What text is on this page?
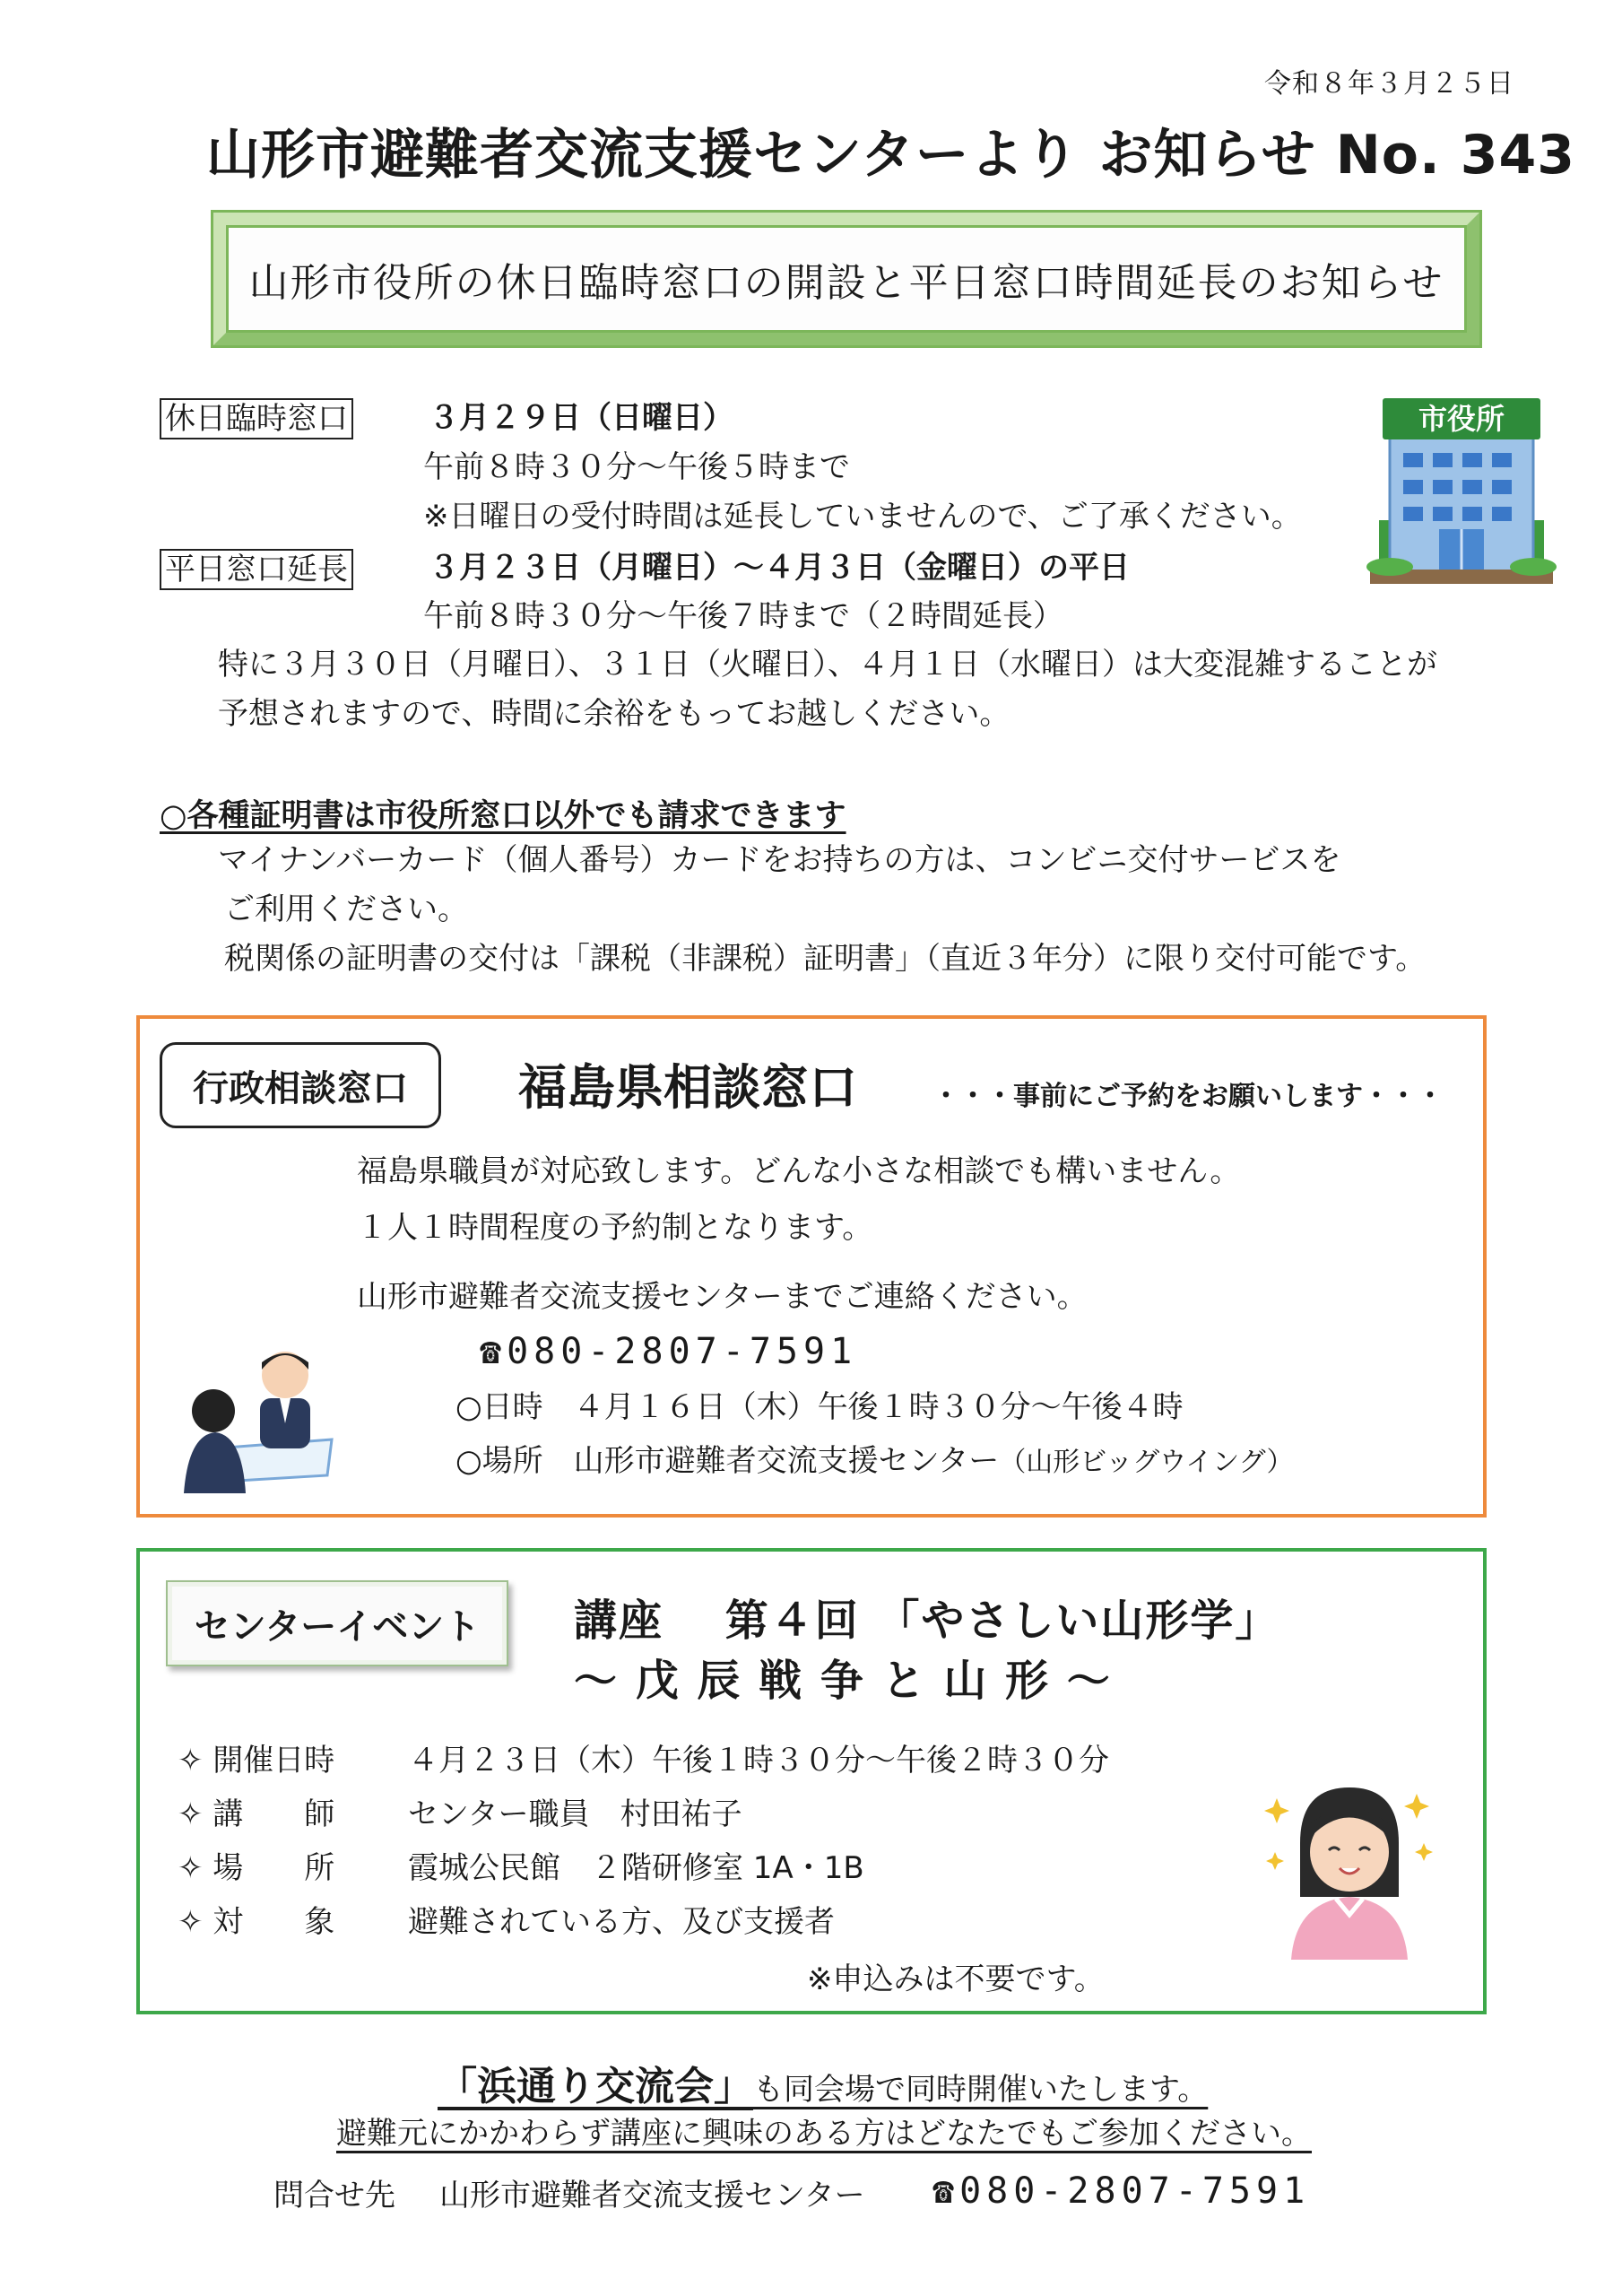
令和８年３月２５日
山形市避難者交流支援センターより お知らせ No. 343
山形市役所の休日臨時窓口の開設と平日窓口時間延長のお知らせ
市役所
休日臨時窓口	３月２９日（日曜日）
午前８時３０分～午後５時まで
※日曜日の受付時間は延長していませんので、ご了承ください。
平日窓口延長	３月２３日（月曜日）～４月３日（金曜日）の平日
午前８時３０分～午後７時まで（２時間延長）
特に３月３０日（月曜日）、３１日（火曜日）、４月１日（水曜日）は大変混雑することが
予想されますので、時間に余裕をもってお越しください。
○各種証明書は市役所窓口以外でも請求できます
マイナンバーカード（個人番号）カードをお持ちの方は、コンビニ交付サービスを
ご利用ください。
税関係の証明書の交付は「課税（非課税）証明書」（直近３年分）に限り交付可能です。
行政相談窓口	福島県相談窓口	・・・事前にご予約をお願いします・・・
福島県職員が対応致します。どんな小さな相談でも構いません。
１人１時間程度の予約制となります。
山形市避難者交流支援センターまでご連絡ください。
☎080-2807-7591
○日時　４月１６日（木）午後１時３０分～午後４時
○場所　山形市避難者交流支援センター（山形ビッグウイング）
センターイベント	講座　 第４回 「やさしい山形学」
～ 戊 辰 戦 争 と 山 形 ～
✧ 開催日時 ４月２３日（木）午後１時３０分～午後２時３０分
✧ 講　　師 センター職員　村田祐子
✧ 場　　所 霞城公民館　２階研修室 1A・1B
✧ 対　　象 避難されている方、及び支援者
※申込みは不要です。
「浜通り交流会」も同会場で同時開催いたします。
避難元にかかわらず講座に興味のある方はどなたでもご参加ください。
問合せ先 山形市避難者交流支援センター ☎080-2807-7591
